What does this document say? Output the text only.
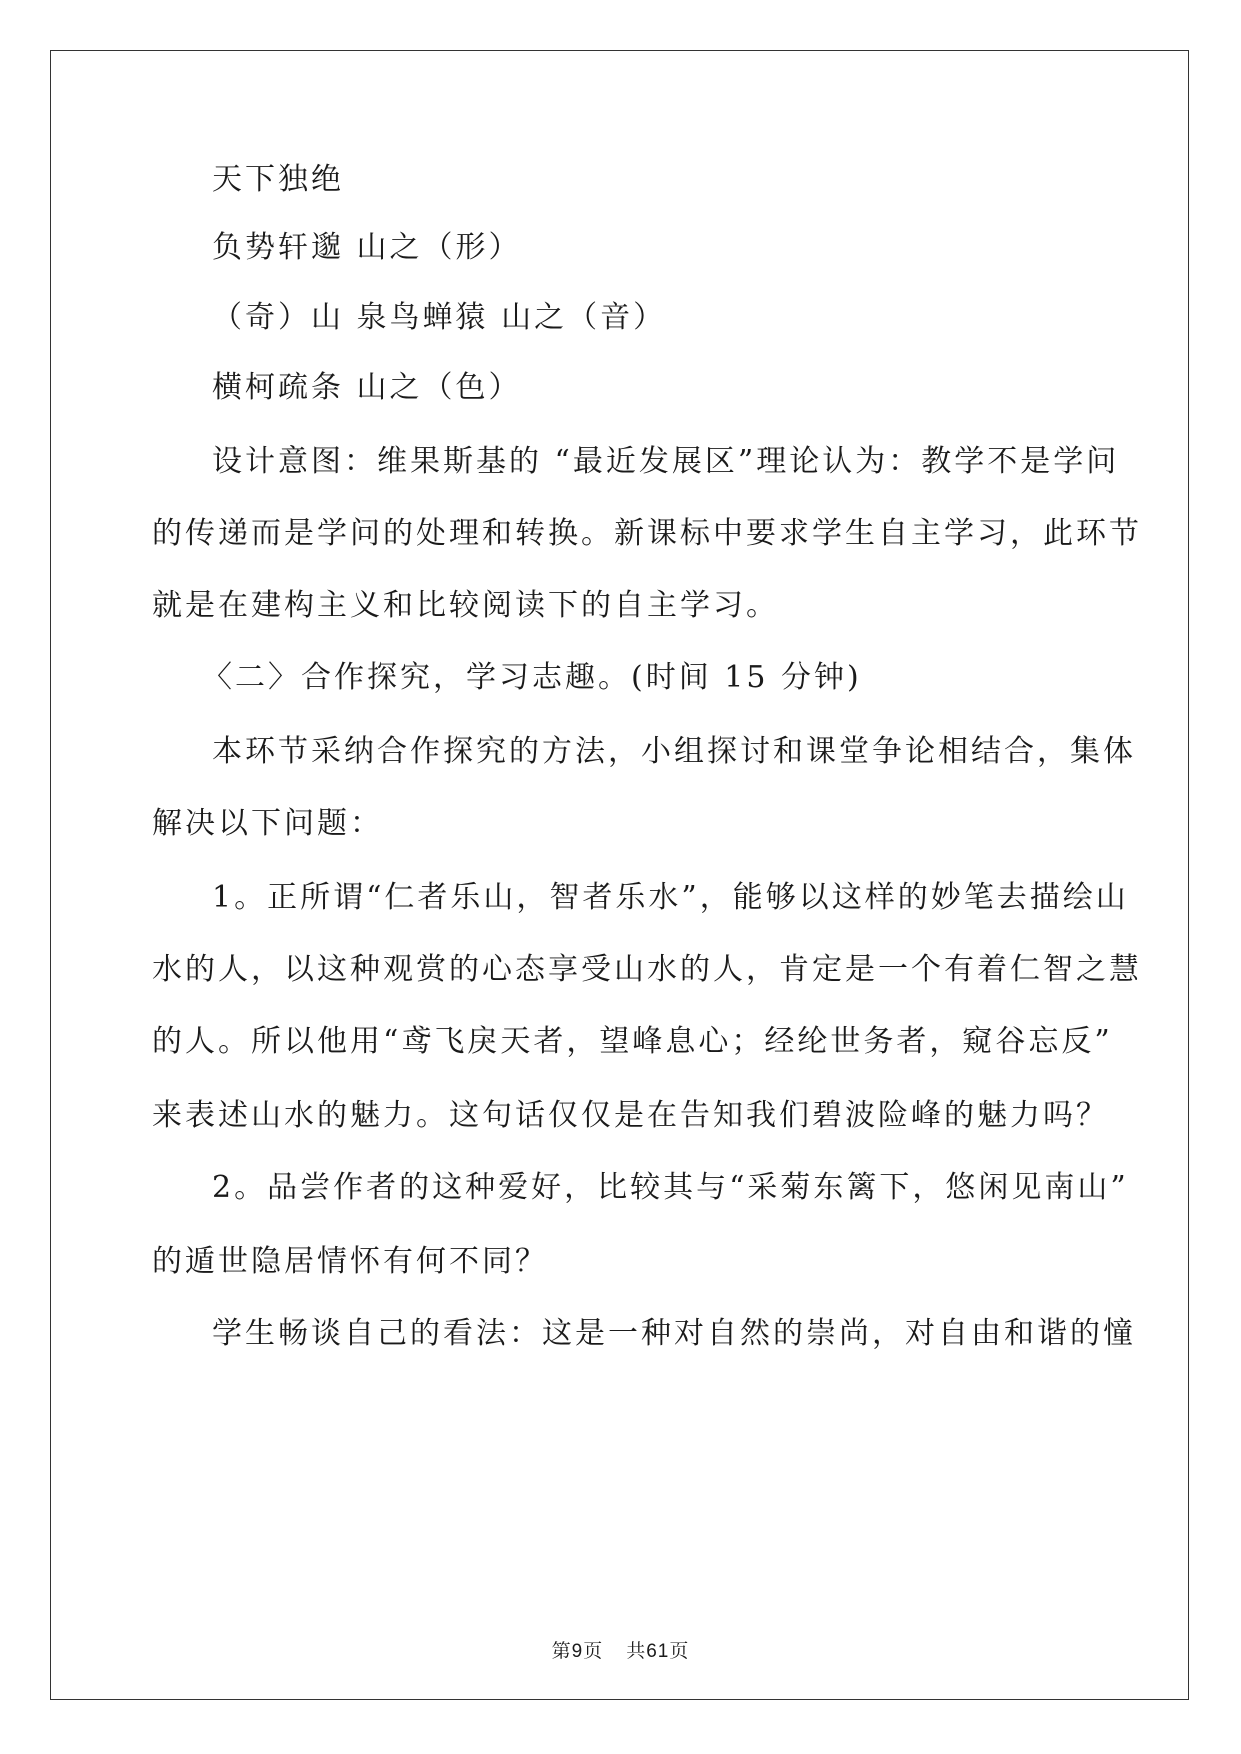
天下独绝
负势轩邈 山之（形）
（奇）山 泉鸟蝉猿 山之（音）
横柯疏条 山之（色）
设计意图：维果斯基的 “最近发展区”理论认为：教学不是学问
的传递而是学问的处理和转换。新课标中要求学生自主学习，此环节
就是在建构主义和比较阅读下的自主学习。
〈二〉合作探究，学习志趣。(时间 15 分钟)
本环节采纳合作探究的方法，小组探讨和课堂争论相结合，集体
解决以下问题：
1。正所谓“仁者乐山，智者乐水”，能够以这样的妙笔去描绘山
水的人，以这种观赏的心态享受山水的人，肯定是一个有着仁智之慧
的人。所以他用“鸢飞戾天者，望峰息心；经纶世务者，窥谷忘反”
来表述山水的魅力。这句话仅仅是在告知我们碧波险峰的魅力吗？
2。品尝作者的这种爱好，比较其与“采菊东篱下，悠闲见南山”
的遁世隐居情怀有何不同？
学生畅谈自己的看法：这是一种对自然的崇尚，对自由和谐的憧
第9页 共61页
